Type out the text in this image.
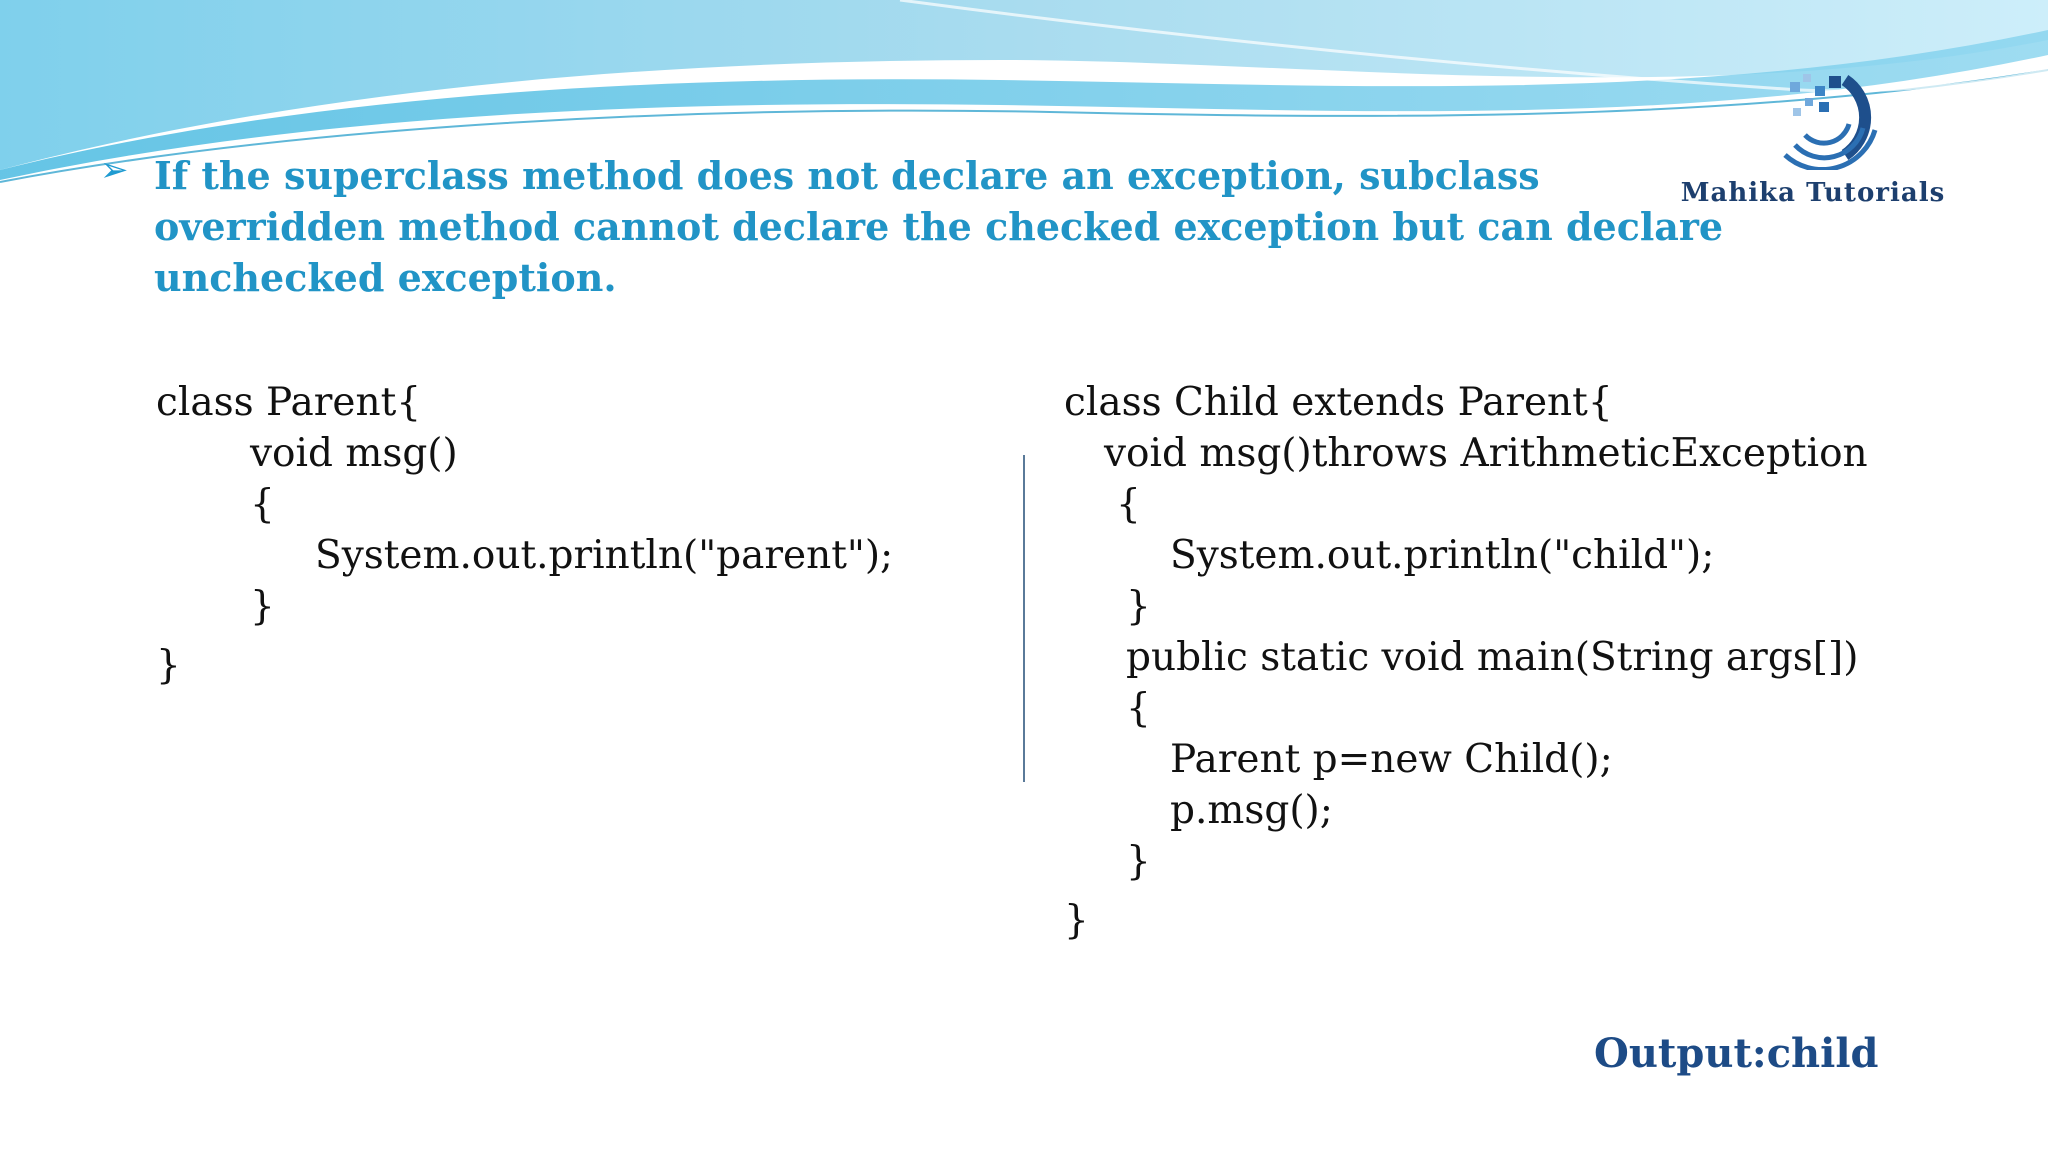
Mahika Tutorials
➢ If the superclass method does not declare an exception, subclass
overridden method cannot declare the checked exception but can declare
unchecked exception.

class Parent{

void msg()

{

System.out.println("parent");

}

}

class Child extends Parent{

void msg()throws ArithmeticException

{

System.out.println("child");

}

public static void main(String args[])

{

Parent p=new Child();

p.msg();

}

}

Output:child
